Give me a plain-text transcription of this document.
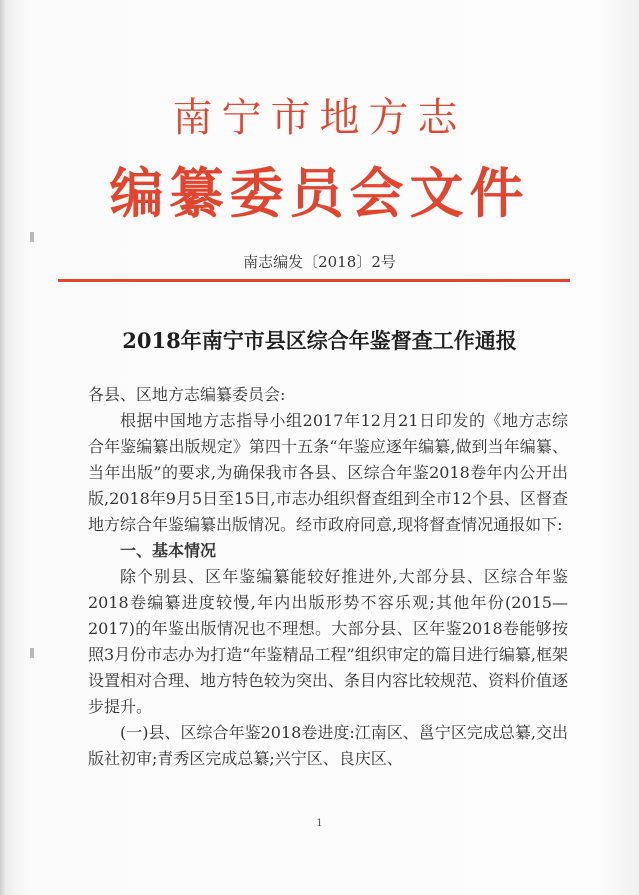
南宁市地方志
编纂委员会文件
南志编发〔2018〕2号
2018年南宁市县区综合年鉴督查工作通报

各县、区地方志编纂委员会:

根据中国地方志指导小组2017年12月21日印发的《地方志综合年鉴编纂出版规定》第四十五条“年鉴应逐年编纂,做到当年编纂、当年出版”的要求,为确保我市各县、区综合年鉴2018卷年内公开出版,2018年9月5日至15日,市志办组织督查组到全市12个县、区督查地方综合年鉴编纂出版情况。经市政府同意,现将督查情况通报如下:

一、基本情况

除个别县、区年鉴编纂能较好推进外,大部分县、区综合年鉴2018卷编纂进度较慢,年内出版形势不容乐观;其他年份(2015—2017)的年鉴出版情况也不理想。大部分县、区年鉴2018卷能够按照3月份市志办为打造“年鉴精品工程”组织审定的篇目进行编纂,框架设置相对合理、地方特色较为突出、条目内容比较规范、资料价值逐步提升。

(一)县、区综合年鉴2018卷进度:江南区、邕宁区完成总纂,交出版社初审;青秀区完成总纂;兴宁区、良庆区、

1
